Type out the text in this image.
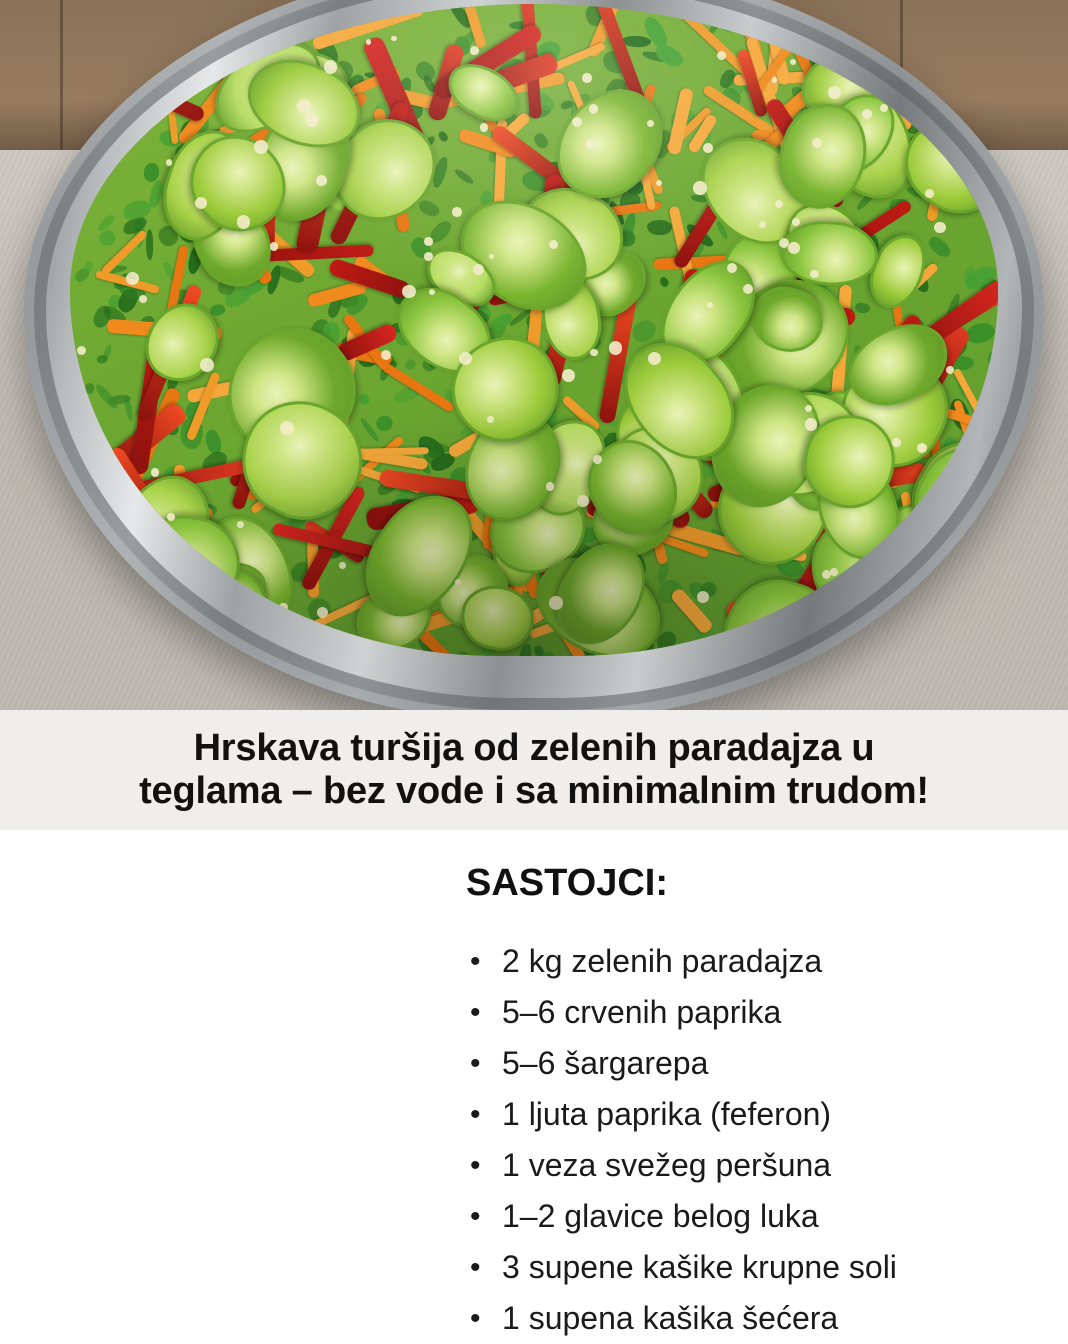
Hrskava turšija od zelenih paradajza u
teglama – bez vode i sa minimalnim trudom!
SASTOJCI:
• 2 kg zelenih paradajza
• 5–6 crvenih paprika
• 5–6 šargarepa
• 1 ljuta paprika (feferon)
• 1 veza svežeg peršuna
• 1–2 glavice belog luka
• 3 supene kašike krupne soli
• 1 supena kašika šećera
